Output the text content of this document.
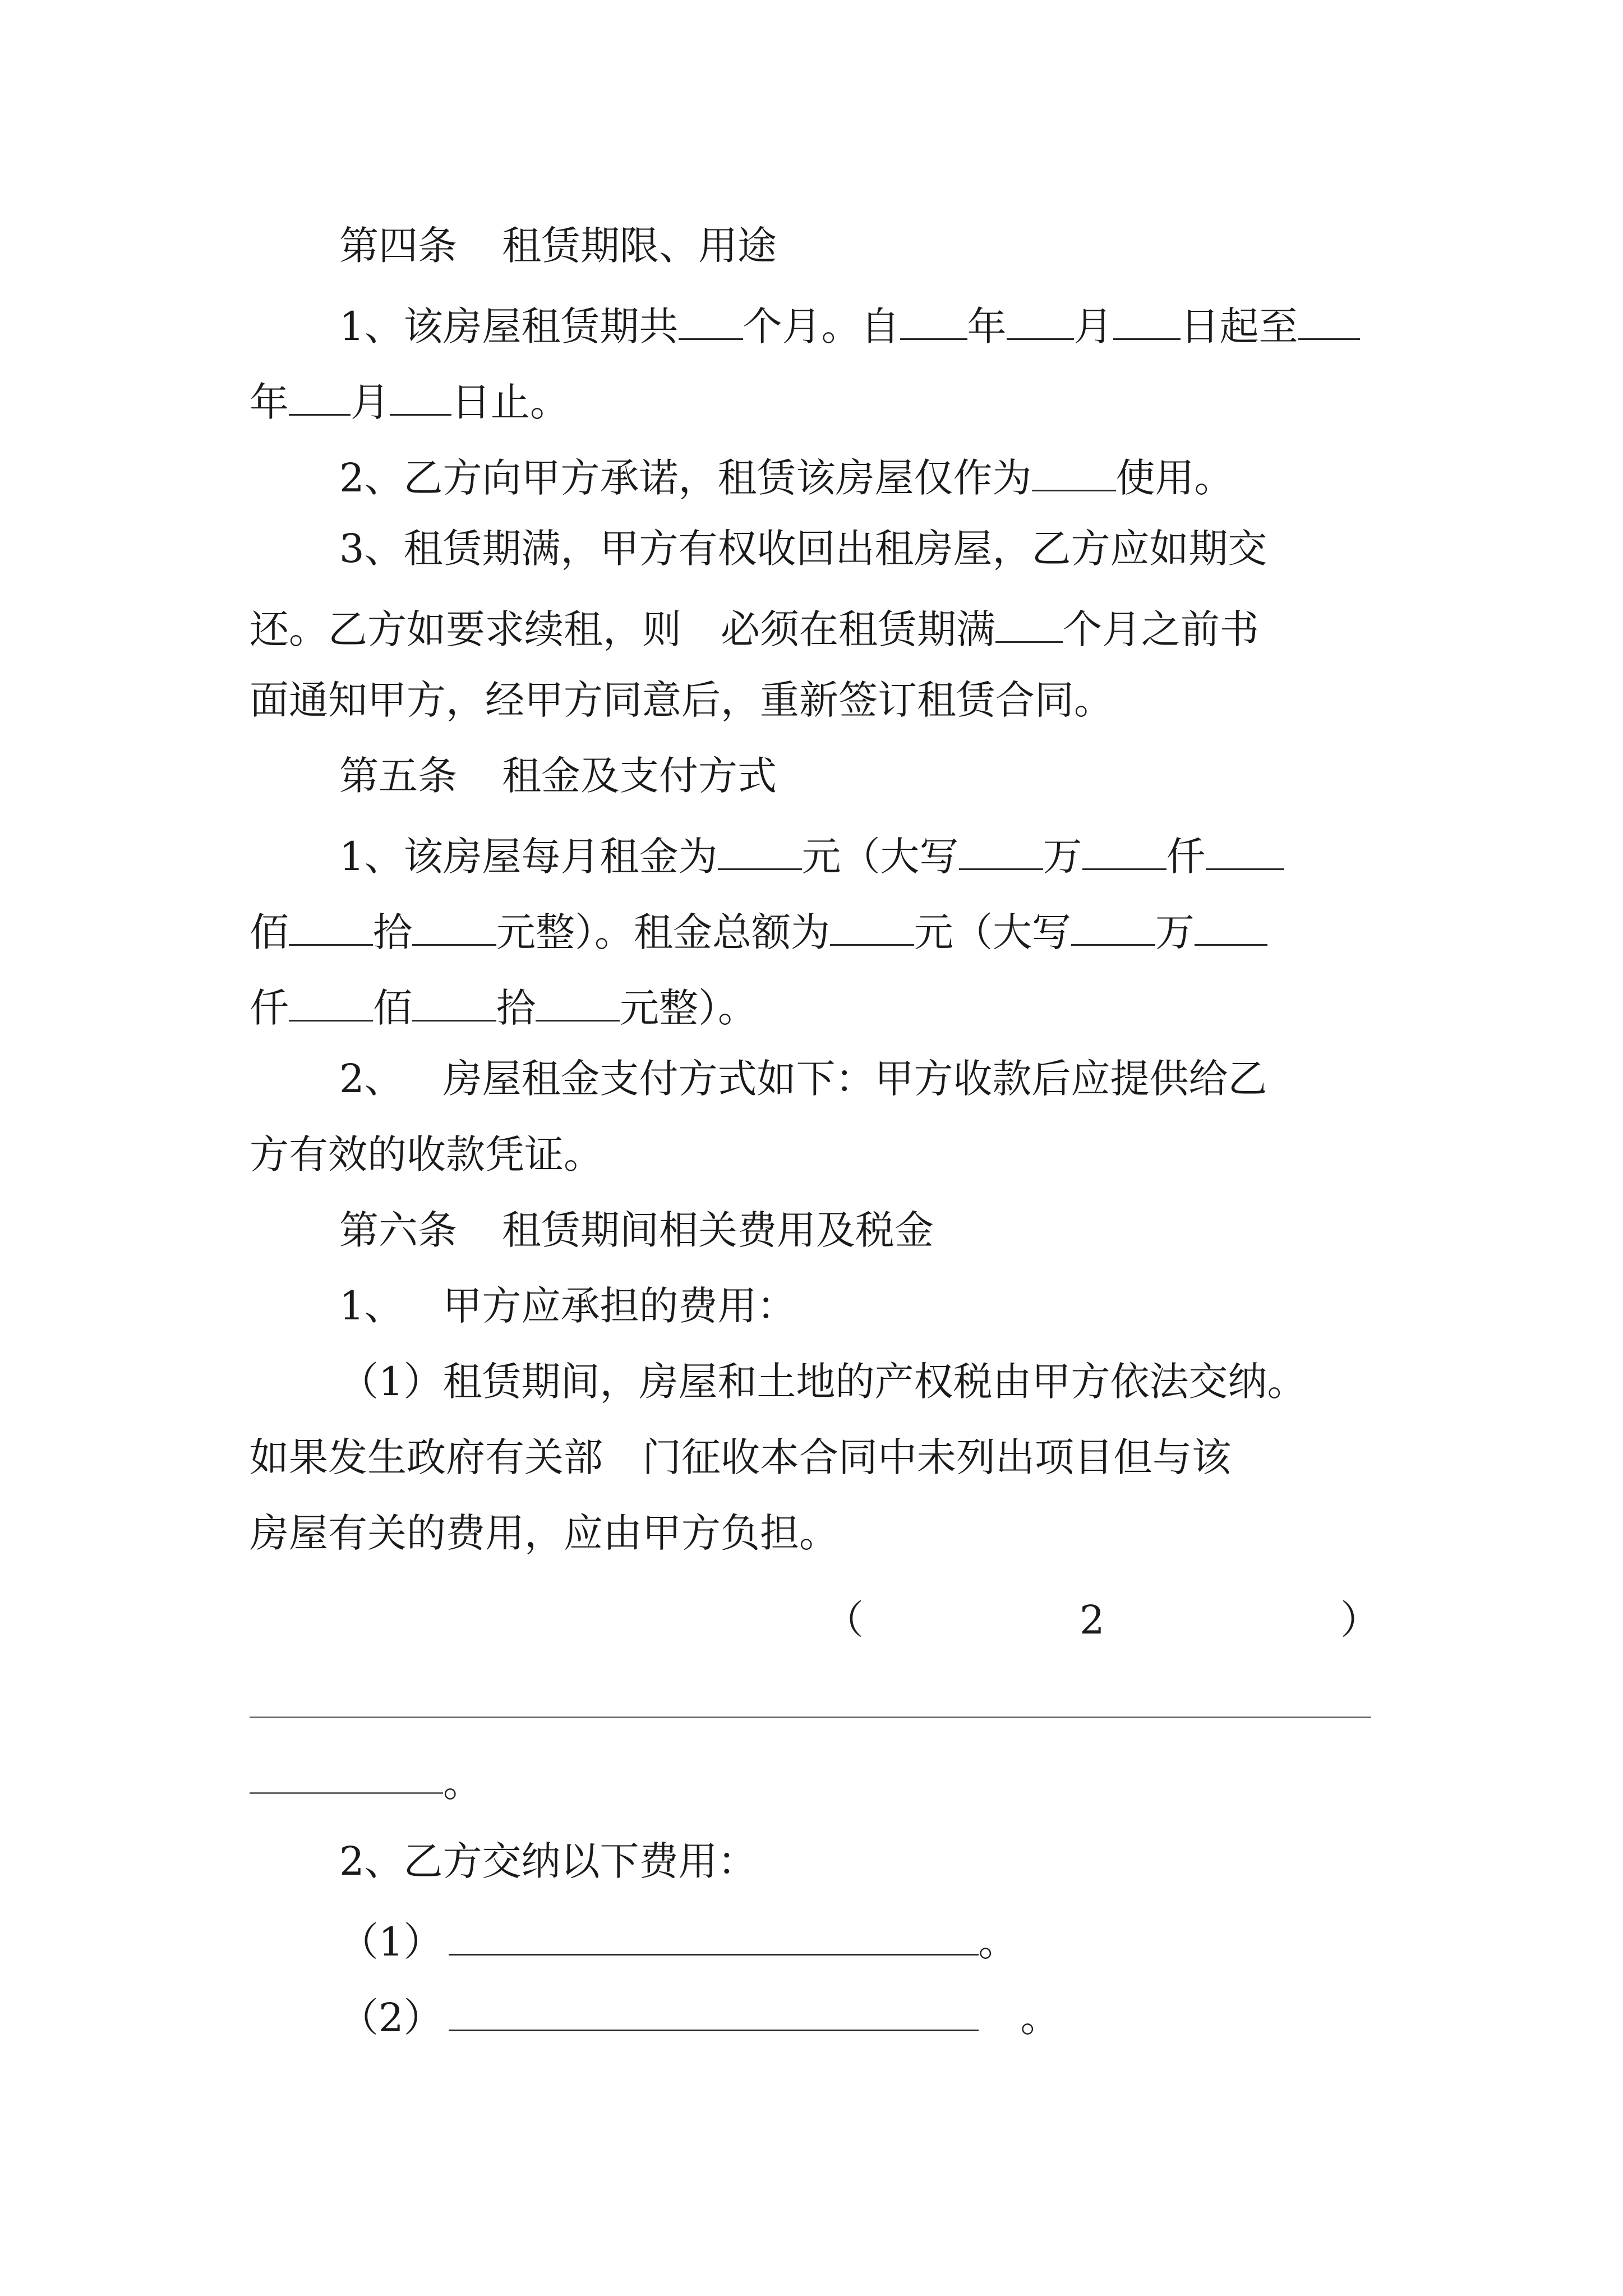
第四条 租赁期限、用途
1、该房屋租赁期共 个月。自 年 月 日起至
年 月 日止。
2、乙方向甲方承诺，租赁该房屋仅作为 使用。
3、租赁期满，甲方有权收回出租房屋，乙方应如期交
还。乙方如要求续租，则 必须在租赁期满 个月之前书
面通知甲方，经甲方同意后，重新签订租赁合同。
第五条 租金及支付方式
1、该房屋每月租金为 元（大写 万 仟
佰 拾 元整）。租金总额为 元（大写 万
仟 佰 拾 元整）。
2、 房屋租金支付方式如下：甲方收款后应提供给乙
方有效的收款凭证。
第六条 租赁期间相关费用及税金
1、 甲方应承担的费用：
（1）租赁期间，房屋和土地的产权税由甲方依法交纳。
如果发生政府有关部 门征收本合同中未列出项目但与该
房屋有关的费用，应由甲方负担。
（	2	）
。
2、乙方交纳以下费用：
（1）	。
（2）	。
